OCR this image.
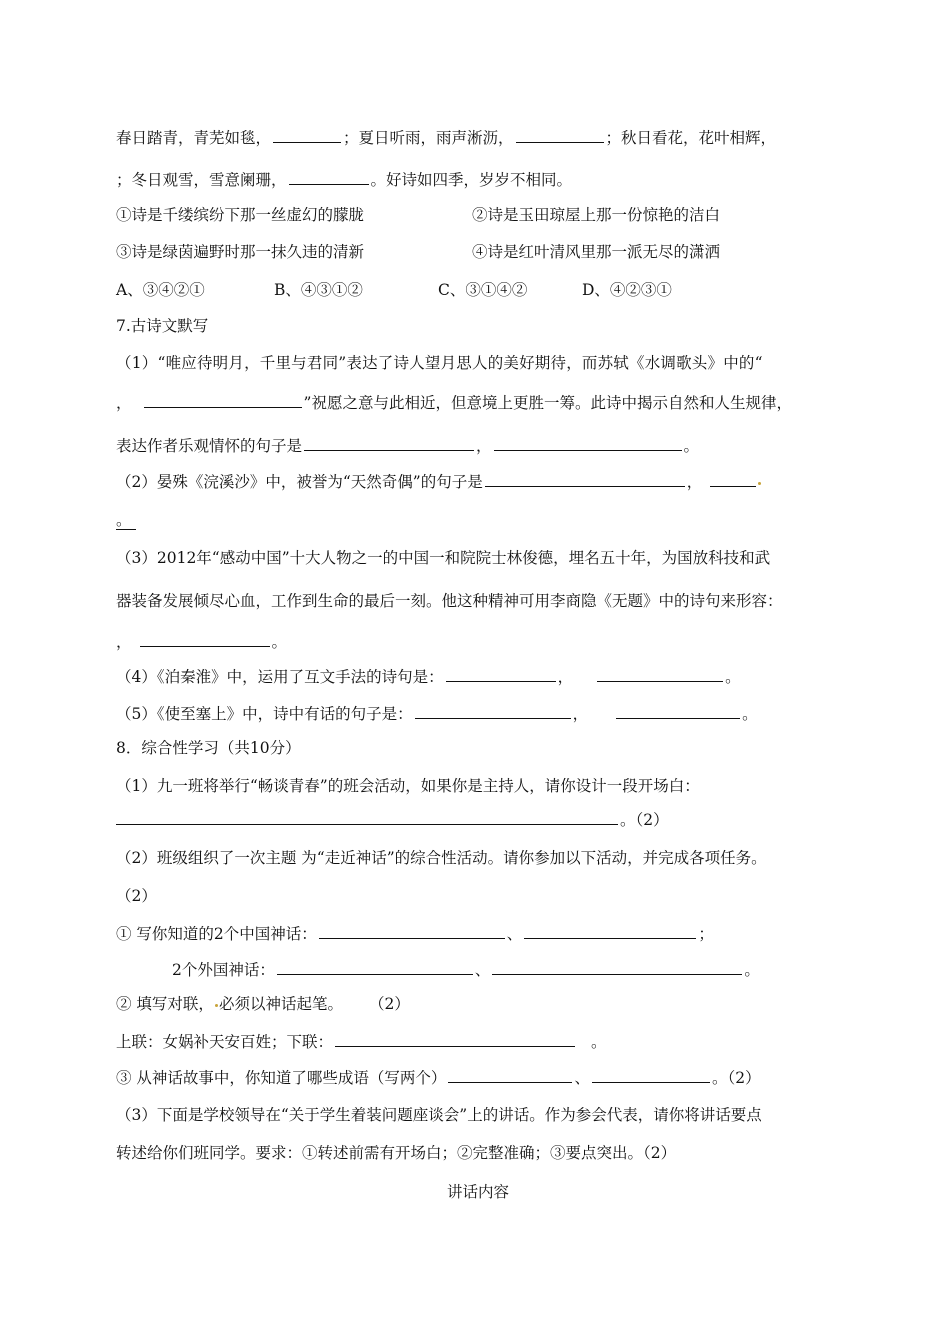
春日踏青，青芜如毯，	；夏日听雨，雨声淅沥，	；秋日看花，花叶相辉，
；冬日观雪，雪意阑珊，	。好诗如四季，岁岁不相同。
①诗是千缕缤纷下那一丝虚幻的朦胧	②诗是玉田琼屋上那一份惊艳的洁白
③诗是绿茵遍野时那一抹久违的清新	④诗是红叶清风里那一派无尽的潇洒
A、③④②①	B、④③①②	C、③①④②	D、④②③①
7.古诗文默写
（1）“唯应待明月，千里与君同”表达了诗人望月思人的美好期待，而苏轼《水调歌头》中的“
，	”祝愿之意与此相近，但意境上更胜一筹。此诗中揭示自然和人生规律，
表达作者乐观情怀的句子是	，	。
（2）晏殊《浣溪沙》中，被誉为“天然奇偶”的句子是	，
。
（3）2012年“感动中国”十大人物之一的中国一和院院士林俊德，埋名五十年，为国放科技和武
器装备发展倾尽心血，工作到生命的最后一刻。他这种精神可用李商隐《无题》中的诗句来形容：
，	。
（4）《泊秦淮》中，运用了互文手法的诗句是：	，	。
（5）《使至塞上》中，诗中有话的句子是：	，	。
8．综合性学习（共10分）
（1）九一班将举行“畅谈青春”的班会活动，如果你是主持人，请你设计一段开场白：
。（2）
（2）班级组织了一次主题 为“走近神话”的综合性活动。请你参加以下活动，并完成各项任务。
（2）
① 写你知道的2个中国神话：	、	；
2个外国神话：	、	。
② 填写对联， 必须以神话起笔。 （2）
上联：女娲补天安百姓；下联：	。
③ 从神话故事中，你知道了哪些成语（写两个）	、	。（2）
（3）下面是学校领导在“关于学生着装问题座谈会”上的讲话。作为参会代表，请你将讲话要点
转述给你们班同学。要求：①转述前需有开场白；②完整准确；③要点突出。（2）
讲话内容
